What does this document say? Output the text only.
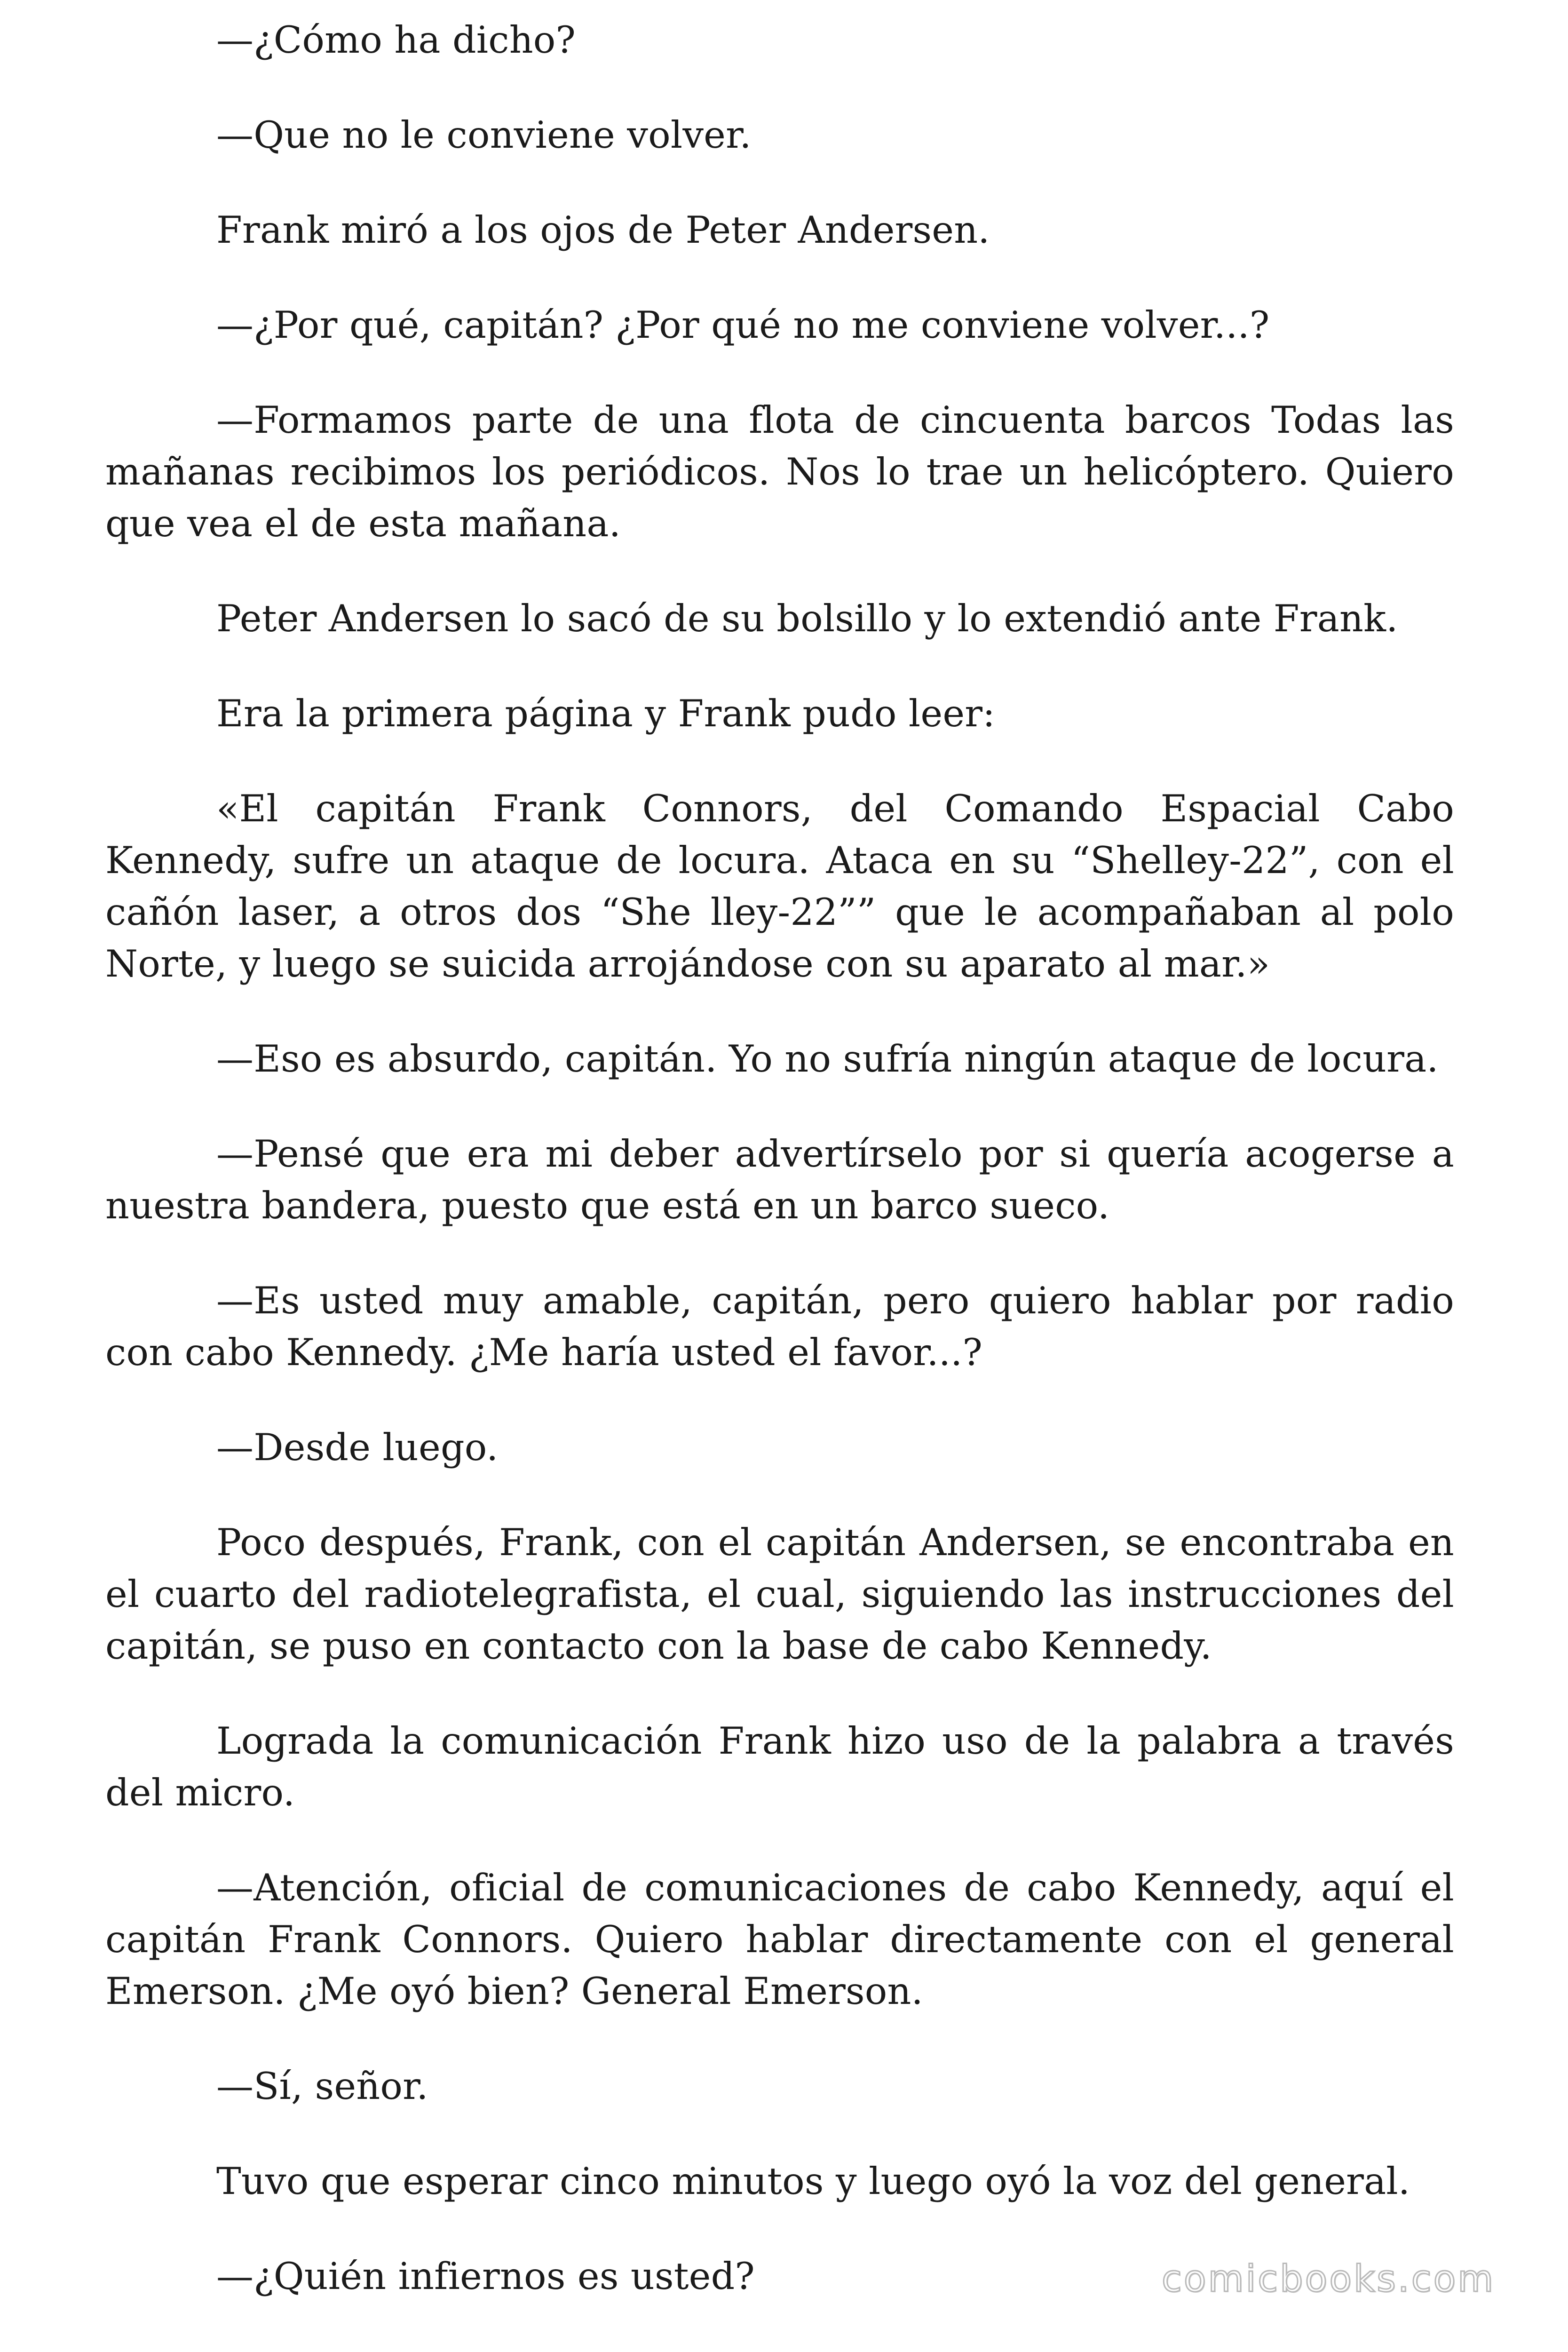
—¿Cómo ha dicho?

—Que no le conviene volver.

Frank miró a los ojos de Peter Andersen.

—¿Por qué, capitán? ¿Por qué no me conviene volver...?

—Formamos parte de una flota de cincuenta barcos Todas las mañanas recibimos los periódicos. Nos lo trae un helicóptero. Quiero que vea el de esta mañana.

Peter Andersen lo sacó de su bolsillo y lo extendió ante Frank.

Era la primera página y Frank pudo leer:

«El capitán Frank Connors, del Comando Espacial Cabo Kennedy, sufre un ataque de locura. Ataca en su “Shelley-22”, con el cañón laser, a otros dos “She lley-22”” que le acompañaban al polo Norte, y luego se suicida arrojándose con su aparato al mar.»

—Eso es absurdo, capitán. Yo no sufría ningún ataque de locura.

—Pensé que era mi deber advertírselo por si quería acogerse a nuestra bandera, puesto que está en un barco sueco.

—Es usted muy amable, capitán, pero quiero hablar por radio con cabo Kennedy. ¿Me haría usted el favor...?

—Desde luego.

Poco después, Frank, con el capitán Andersen, se encontraba en el cuarto del radiotelegrafista, el cual, siguiendo las instrucciones del capitán, se puso en contacto con la base de cabo Kennedy.

Lograda la comunicación Frank hizo uso de la palabra a través del micro.

—Atención, oficial de comunicaciones de cabo Kennedy, aquí el capitán Frank Connors. Quiero hablar directamente con el general Emerson. ¿Me oyó bien? General Emerson.

—Sí, señor.

Tuvo que esperar cinco minutos y luego oyó la voz del general.

—¿Quién infiernos es usted?	comicbooks.com
